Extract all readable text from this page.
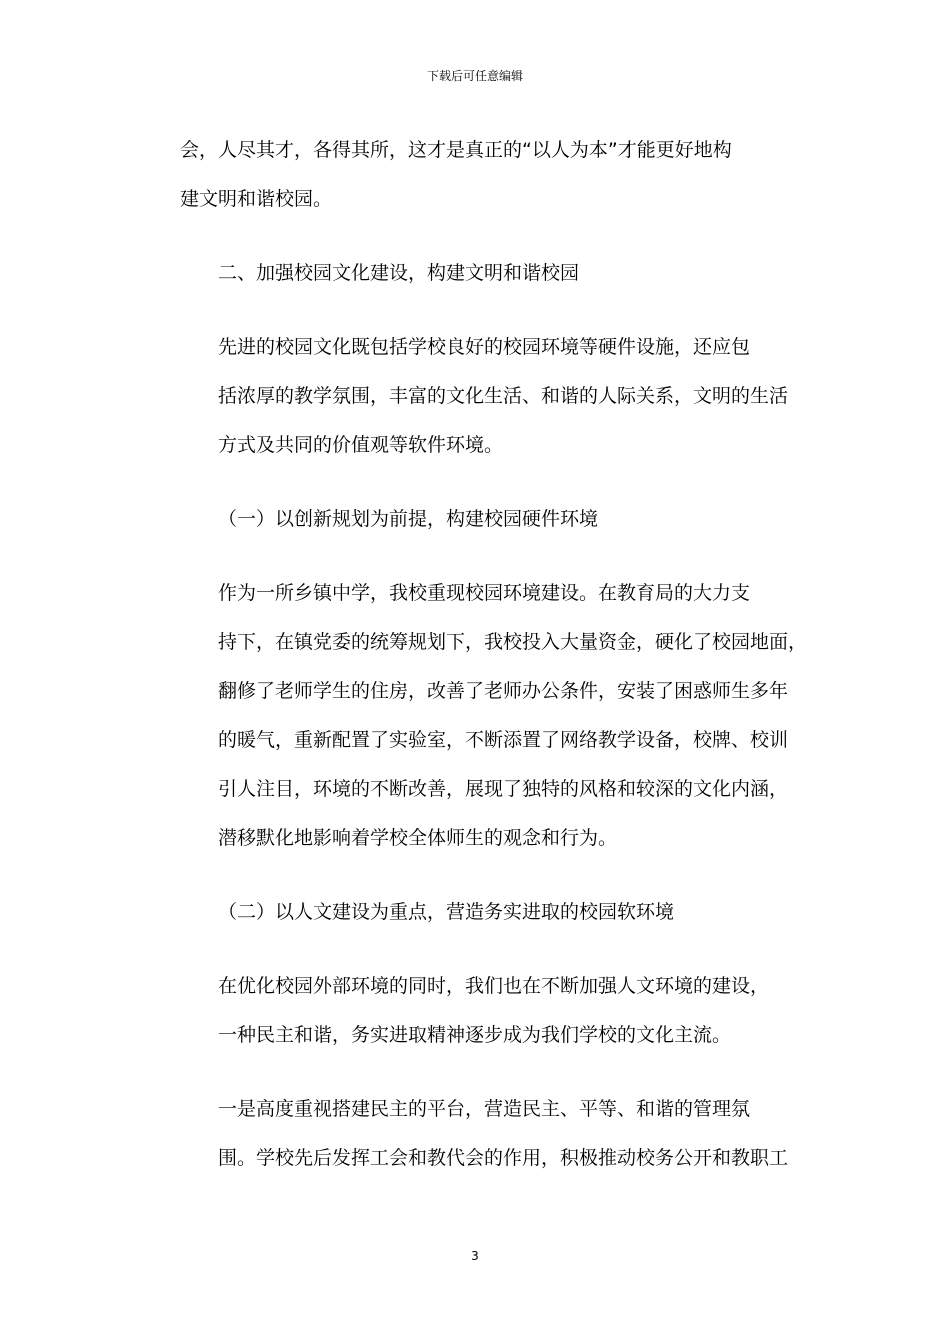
下载后可任意编辑

会，人尽其才，各得其所，这才是真正的“以人为本”才能更好地构
建文明和谐校园。

二、加强校园文化建设，构建文明和谐校园

先进的校园文化既包括学校良好的校园环境等硬件设施，还应包
括浓厚的教学氛围，丰富的文化生活、和谐的人际关系，文明的生活
方式及共同的价值观等软件环境。

（一）以创新规划为前提，构建校园硬件环境

作为一所乡镇中学，我校重现校园环境建设。在教育局的大力支
持下，在镇党委的统筹规划下，我校投入大量资金，硬化了校园地面，
翻修了老师学生的住房，改善了老师办公条件，安装了困惑师生多年
的暖气，重新配置了实验室，不断添置了网络教学设备，校牌、校训
引人注目，环境的不断改善，展现了独特的风格和较深的文化内涵，
潜移默化地影响着学校全体师生的观念和行为。

（二）以人文建设为重点，营造务实进取的校园软环境

在优化校园外部环境的同时，我们也在不断加强人文环境的建设，
一种民主和谐，务实进取精神逐步成为我们学校的文化主流。

一是高度重视搭建民主的平台，营造民主、平等、和谐的管理氛
围。学校先后发挥工会和教代会的作用，积极推动校务公开和教职工

3
